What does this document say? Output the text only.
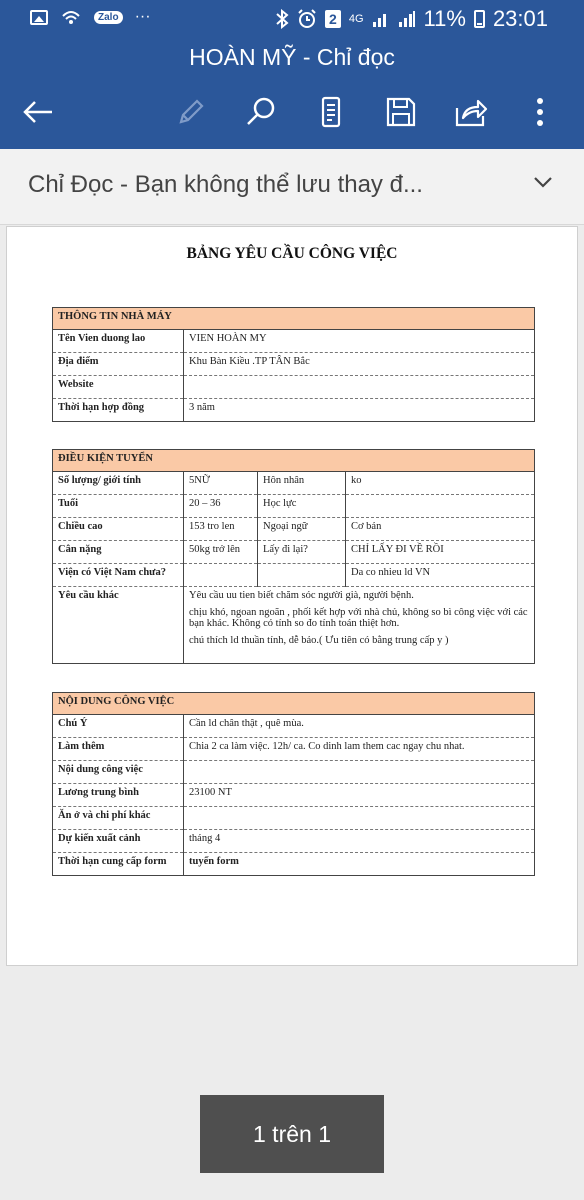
Zalo ···	2	4G	11% 23:01
HOÀN MỸ - Chỉ đọc
Chỉ Đọc - Bạn không thể lưu thay đ...
BẢNG YÊU CẦU CÔNG VIỆC
THÔNG TIN NHÀ MÁY	
Tên Vien duong lao	VIEN HOÀN MY
Địa điểm	Khu Bàn Kiều .TP TÂN Bắc
Website	
Thời hạn hợp đồng	3 năm
ĐIỀU KIỆN TUYỂN			
Số lượng/ giới tính	5NỮ	Hôn nhân	ko
Tuổi	20 – 36	Học lực	
Chiều cao	153 tro len	Ngoại ngữ	Cơ bản
Cân nặng	50kg trở lên	Lấy đi lại?	CHỈ LẤY ĐI VỀ RỒI
Viện có Việt Nam chưa?			Da co nhieu ld VN
Yêu cầu khác	Yêu cầu uu tien biết chăm sóc người già, người bệnh.
chịu khó, ngoan ngoãn , phối kết hợp với nhà chủ, không so bì công việc với các bạn khác. Không có tính so đo tính toán thiệt hơn.
chú thích ld thuần tính, dễ bảo.( Ưu tiên có bằng trung cấp y )		
NỘI DUNG CÔNG VIỆC	
Chú Ý	Cần ld chân thật , quê mùa.
Làm thêm	Chia 2 ca làm việc. 12h/ ca. Co dinh lam them cac ngay chu nhat.
Nội dung công việc	
Lương trung bình	23100 NT
Ăn ở và chi phí khác	
Dự kiến xuất cảnh	tháng 4
Thời hạn cung cấp form	tuyển form
1 trên 1
